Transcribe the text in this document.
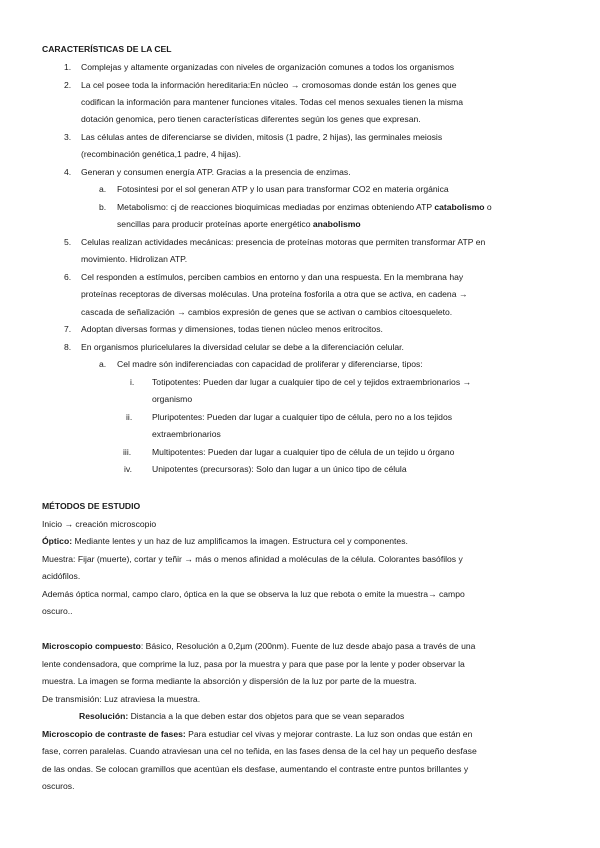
CARACTERÍSTICAS DE LA CEL
1. Complejas y altamente organizadas con niveles de organización comunes a todos los organismos
2. La cel posee toda la información hereditaria:En núcleo → cromosomas donde están los genes que
codifican la información para mantener funciones vitales. Todas cel menos sexuales tienen la misma
dotación genomica, pero tienen características diferentes según los genes que expresan.
3. Las células antes de diferenciarse se dividen, mitosis (1 padre, 2 hijas), las germinales meiosis
(recombinación genética,1 padre, 4 hijas).
4. Generan y consumen energía ATP. Gracias a la presencia de enzimas.
a. Fotosintesi por el sol generan ATP y lo usan para transformar CO2 en materia orgánica
b. Metabolismo: cj de reacciones bioquimicas mediadas por enzimas obteniendo ATP catabolismo o
sencillas para producir proteínas aporte energético anabolismo
5. Celulas realizan actividades mecánicas: presencia de proteínas motoras que permiten transformar ATP en
movimiento. Hidrolizan ATP.
6. Cel responden a estímulos, perciben cambios en entorno y dan una respuesta. En la membrana hay
proteínas receptoras de diversas moléculas. Una proteína fosforila a otra que se activa, en cadena →
cascada de señalización → cambios expresión de genes que se activan o cambios citoesqueleto.
7. Adoptan diversas formas y dimensiones, todas tienen núcleo menos eritrocitos.
8. En organismos pluricelulares la diversidad celular se debe a la diferenciación celular.
a. Cel madre són indiferenciadas con capacidad de proliferar y diferenciarse, tipos:
i. Totipotentes: Pueden dar lugar a cualquier tipo de cel y tejidos extraembrionarios →
organismo
ii. Pluripotentes: Pueden dar lugar a cualquier tipo de célula, pero no a los tejidos
extraembrionarios
iii. Multipotentes: Pueden dar lugar a cualquier tipo de célula de un tejido u órgano
iv. Unipotentes (precursoras): Solo dan lugar a un único tipo de célula
MÉTODOS DE ESTUDIO
Inicio → creación microscopio
Óptico: Mediante lentes y un haz de luz amplificamos la imagen. Estructura cel y componentes.
Muestra: Fijar (muerte), cortar y teñir → más o menos afinidad a moléculas de la célula. Colorantes basófilos y
acidófilos.
Además óptica normal, campo claro, óptica en la que se observa la luz que rebota o emite la muestra→ campo
oscuro..
Microscopio compuesto: Básico, Resolución a 0,2µm (200nm). Fuente de luz desde abajo pasa a través de una
lente condensadora, que comprime la luz, pasa por la muestra y para que pase por la lente y poder observar la
muestra. La imagen se forma mediante la absorción y dispersión de la luz por parte de la muestra.
De transmisión: Luz atraviesa la muestra.
Resolución: Distancia a la que deben estar dos objetos para que se vean separados
Microscopio de contraste de fases: Para estudiar cel vivas y mejorar contraste. La luz son ondas que están en
fase, corren paralelas. Cuando atraviesan una cel no teñida, en las fases densa de la cel hay un pequeño desfase
de las ondas. Se colocan gramillos que acentúan els desfase, aumentando el contraste entre puntos brillantes y
oscuros.
